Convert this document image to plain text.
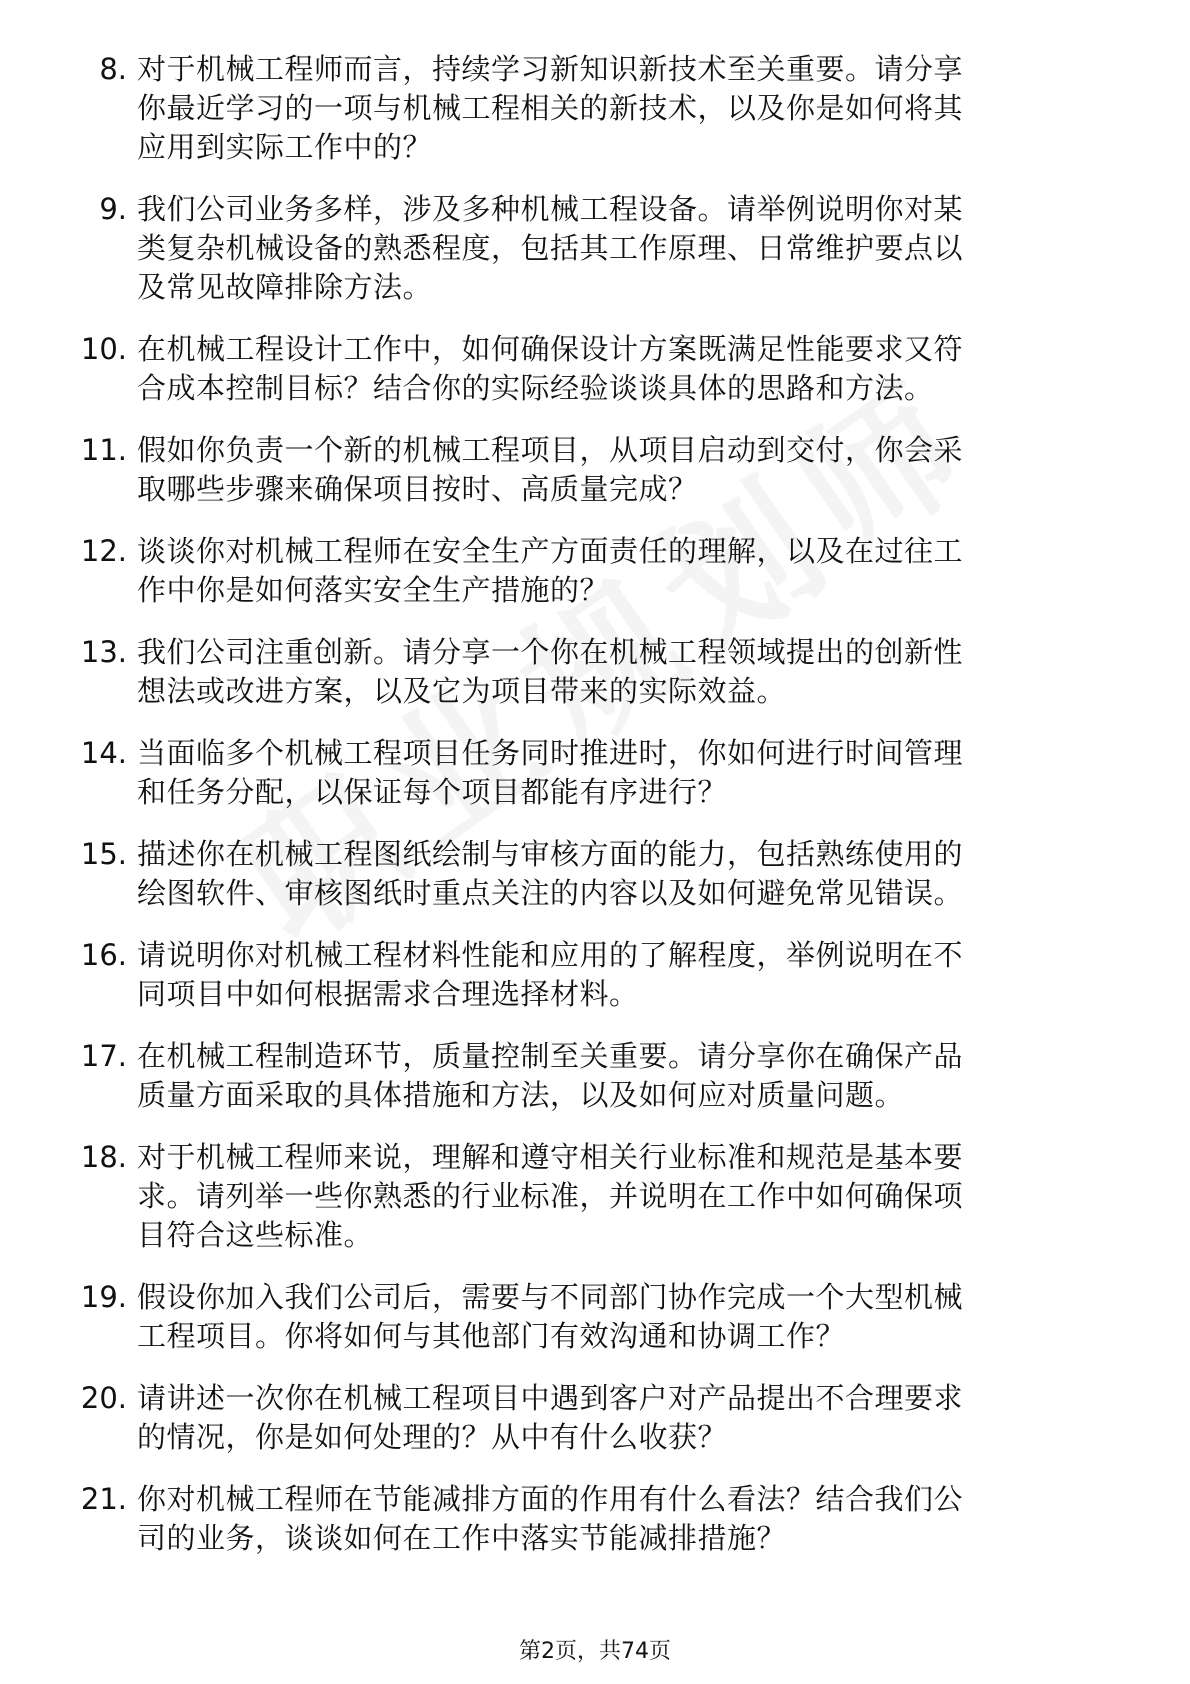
8. 对于机械工程师而言，持续学习新知识新技术至关重要。请分享
你最近学习的一项与机械工程相关的新技术，以及你是如何将其
应用到实际工作中的？
9. 我们公司业务多样，涉及多种机械工程设备。请举例说明你对某
类复杂机械设备的熟悉程度，包括其工作原理、日常维护要点以
及常见故障排除方法。
10. 在机械工程设计工作中，如何确保设计方案既满足性能要求又符
合成本控制目标？结合你的实际经验谈谈具体的思路和方法。
11. 假如你负责一个新的机械工程项目，从项目启动到交付，你会采
取哪些步骤来确保项目按时、高质量完成？
12. 谈谈你对机械工程师在安全生产方面责任的理解，以及在过往工
作中你是如何落实安全生产措施的？
13. 我们公司注重创新。请分享一个你在机械工程领域提出的创新性
想法或改进方案，以及它为项目带来的实际效益。
14. 当面临多个机械工程项目任务同时推进时，你如何进行时间管理
和任务分配，以保证每个项目都能有序进行？
15. 描述你在机械工程图纸绘制与审核方面的能力，包括熟练使用的
绘图软件、审核图纸时重点关注的内容以及如何避免常见错误。
16. 请说明你对机械工程材料性能和应用的了解程度，举例说明在不
同项目中如何根据需求合理选择材料。
17. 在机械工程制造环节，质量控制至关重要。请分享你在确保产品
质量方面采取的具体措施和方法，以及如何应对质量问题。
18. 对于机械工程师来说，理解和遵守相关行业标准和规范是基本要
求。请列举一些你熟悉的行业标准，并说明在工作中如何确保项
目符合这些标准。
19. 假设你加入我们公司后，需要与不同部门协作完成一个大型机械
工程项目。你将如何与其他部门有效沟通和协调工作？
20. 请讲述一次你在机械工程项目中遇到客户对产品提出不合理要求
的情况，你是如何处理的？从中有什么收获？
21. 你对机械工程师在节能减排方面的作用有什么看法？结合我们公
司的业务，谈谈如何在工作中落实节能减排措施？
第2页，共74页
